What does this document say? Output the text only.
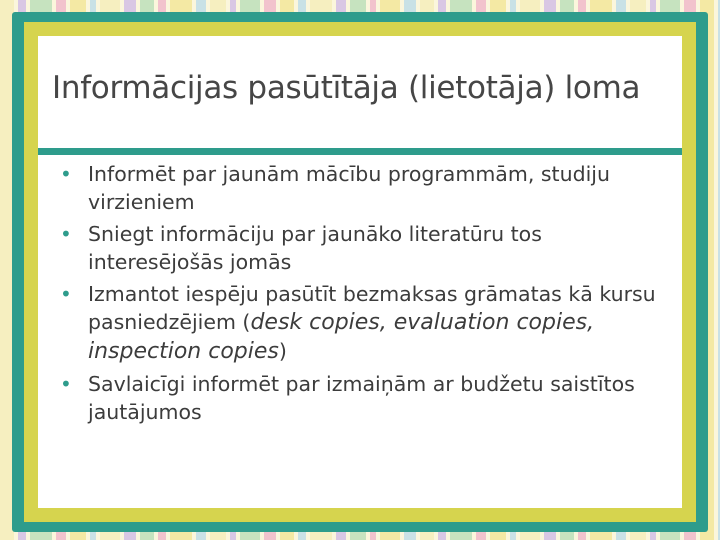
Informācijas pasūtītāja (lietotāja) loma
• Informēt par jaunām mācību programmām, studiju virzieniem
• Sniegt informāciju par jaunāko literatūru tos interesējošās jomās
• Izmantot iespēju pasūtīt bezmaksas grāmatas kā kursu pasniedzējiem (desk copies, evaluation copies, inspection copies)
• Savlaicīgi informēt par izmaiņām ar budžetu saistītos jautājumos
